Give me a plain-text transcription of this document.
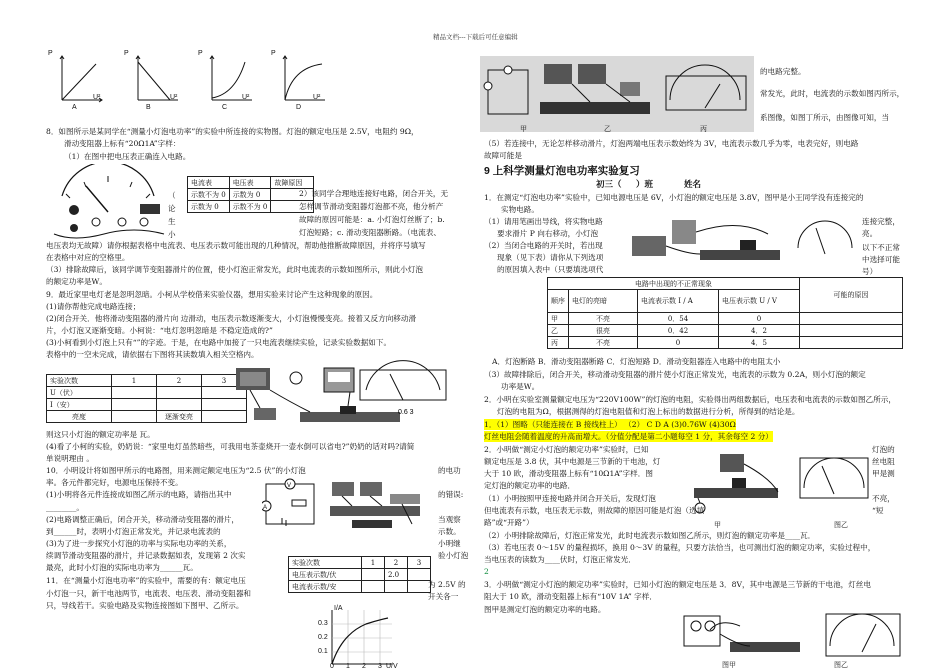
精品文档---下载后可任意编辑
P	P	P	P
U²	U²	U²	U²
A	B	C	D
8．如图所示是某同学在“测量小灯泡电功率”的实验中所连接的实物图。灯泡的额定电压是 2.5V，电阻约 9Ω，
滑动变阻器上标有“20Ω1A”字样：
（1）在图中把电压表正确连入电路。
电流表	电压表	故障原因
示数不为 0	示数为 0	
示数为 0	示数不为 0	
（
论
生
小
2）该同学合理地连接好电路，闭合开关，无
怎样调节滑动变阻器灯泡都不亮，他分析产
故障的原因可能是：a. 小灯泡灯丝断了；b.
灯泡短路；c. 滑动变阻器断路。（电流表、
电压表均无故障）请你根据表格中电流表、电压表示数可能出现的几种情况，帮助他推断故障原因，并将序号填写
在表格中对应的空格里。
（3）排除故障后，该同学调节变阻器滑片的位置，使小灯泡正常发光，此时电流表的示数如图所示，则此小灯泡
的额定功率是W。
9．最近家里电灯老是忽明忽暗。小柯从学校借来实验仪器，想用实验来讨论产生这种现象的原因。
(1)请你帮他完成电路连接；
(2)闭合开关．他将滑动变阻器的滑片向 边滑动，电压表示数逐渐变大，小灯泡慢慢变亮。接着又反方向移动滑
片，小灯泡又逐渐变暗。小柯说：“电灯忽明忽暗是 不稳定造成的?”
(3)小柯看到小灯泡上只有“”的字迹。于是，在电路中加接了一只电流表继续实验，记录实验数据如下。
表格中的一空未完成，请依据右下图将其读数填入相关空格内。
实验次数	1	2	3
U（伏）			
I（安）			
亮度		逐渐变亮		0.6 3
则这只小灯泡的额定功率是 瓦。
(4)看了小柯的实验，奶奶说：“家里电灯虽然暗些，可我用电茶壶烧开一壶水倒可以省电?”奶奶的话对吗?请简
单说明理由 。
10．小明设计将如图甲所示的电路图，用来测定额定电压为“2.5 伏”的小灯泡	的电功
率。各元件都完好，电源电压保持不变。
(1)小明将各元件连接成如图乙所示的电路，请指出其中	的错误:
________。
(2)电路调整正确后，闭合开关，移动滑动变阻器的滑片，	当观察
到______时，表明小灯泡正常发光，并记录电流表的	示数。
(3)为了进一步探究小灯泡的功率与实际电功率的关系，	小明继
续调节滑动变阻器的滑片，并记录数据如表，发现第 2 次实	验小灯泡
最亮，此时小灯泡的实际电功率为______瓦。
V
A
实验次数	1	2	3
电压表示数/伏		2.0	
电流表示数/安			
11．在“测量小灯泡电功率”的实验中，需要的有：额定电压	为 2.5V 的
小灯泡一只，新干电池两节，电流表、电压表、滑动变阻器和	开关各一
只，导线若干。实验电路及实物连接图如下图甲、乙所示。	I/A
0.3
0.2
0.1
0 1 2 3 U/V
甲	乙	丙
的电路完整。
常发光，此时，电流表的示数如图丙所示，
系图像，如图丁所示，由图像可知，当
（5）若连接中，无论怎样移动滑片，灯泡两端电压表示数始终为 3V，电流表示数几乎为零，电表完好，则电路
故障可能是
9 上科学测量灯泡电功率实验复习
初三（ ）班	姓名
1．在测定“灯泡电功率”实验中，已知电源电压是 6V，小灯泡的额定电压是 3.8V，图甲是小王同学没有连接完的
实物电路。
（1）请用笔画出导线，将实物电路
要求滑片 P 向右移动，小灯泡
（2）当闭合电路的开关时，若出现
现象（见下表）请你从下列选项
的原因填入表中（只要填选项代
连接完整，
亮。
以下不正常
中选择可能
号）
电路中出现的不正常现象				可能的原因
顺序	电灯的亮暗	电流表示数 I / A	电压表示数 U / V	
甲	不亮	0．54	0	
乙	很亮	0．42	4．2	
丙	不亮	0	4．5	
A．灯泡断路 B．滑动变阻器断路 C．灯泡短路 D．滑动变阻器连入电路中的电阻太小
（3）故障排除后，闭合开关，移动滑动变阻器的滑片使小灯泡正常发光，电流表的示数为 0.2A，则小灯泡的额定
功率是W。
2．小明在实验室测量额定电压为“220V100W”的灯泡的电阻，实验得出两组数据后，电压表和电流表的示数如图乙所示，
灯泡的电阻为Ω，根据测得的灯泡电阻值和灯泡上标出的数据进行分析，所得到的结论是。
1．（1）图略（只能连接在 B 接线柱上） （2） C D A (3)0.76W (4)30Ω
灯丝电阻会随着温度的升高而增大。（分值分配是第二小题每空 1 分，其余每空 2 分）
2．小明做“测定小灯泡的额定功率”实验时，已知
额定电压是 3.8 伏，其中电源是三节新的干电池，灯
大于 10 欧，滑动变阻器上标有“10Ω1A”字样．图
定灯泡的额定功率的电路．
（1）小明按照甲连接电路并闭合开关后，发现灯泡
但电流表有示数，电压表无示数，则故障的原因可能是灯泡（选填
路”或“开路”）
（2）小明排除故障后，灯泡正常发光，此时电流表示数如图乙所示，则灯泡的额定功率是____瓦．
（3）若电压表 0～15V 的量程损坏，换用 0～3V 的量程，只要方法恰当，也可测出灯泡的额定功率，实验过程中，
当电压表的读数为____伏时，灯泡正常发光．
2
灯泡的
丝电阻
甲是测
不亮，
“短
甲	图乙
3．小明做“测定小灯泡的额定功率”实验时，已知小灯泡的额定电压是 3．8V，其中电源是三节新的干电池，灯丝电
阻大于 10 欧，滑动变阻器上标有“10V 1A” 字样．
图甲是测定灯泡的额定功率的电路。
图甲	图乙
